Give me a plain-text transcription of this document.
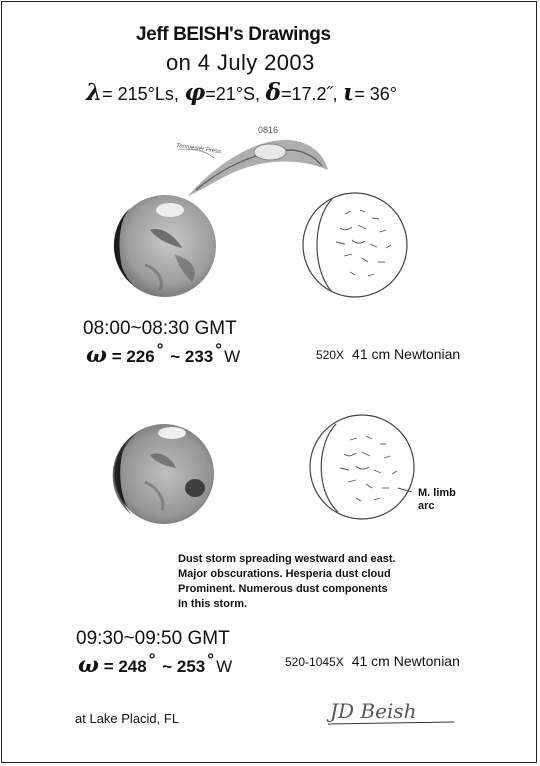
Jeff BEISH's Drawings
on 4 July 2003
λ= 215°Ls, φ=21°S, δ=17.2˝, ι= 36°
0816
Tenmester Press
08:00~08:30 GMT
ω = 226 ° ~ 233 ° W	520X 41 cm Newtonian
M. limb
arc
Dust storm spreading westward and east.
Major obscurations. Hesperia dust cloud
Prominent. Numerous dust components
In this storm.
09:30~09:50 GMT
ω = 248 ° ~ 253 ° W	520-1045X 41 cm Newtonian
at Lake Placid, FL	JD Beish
